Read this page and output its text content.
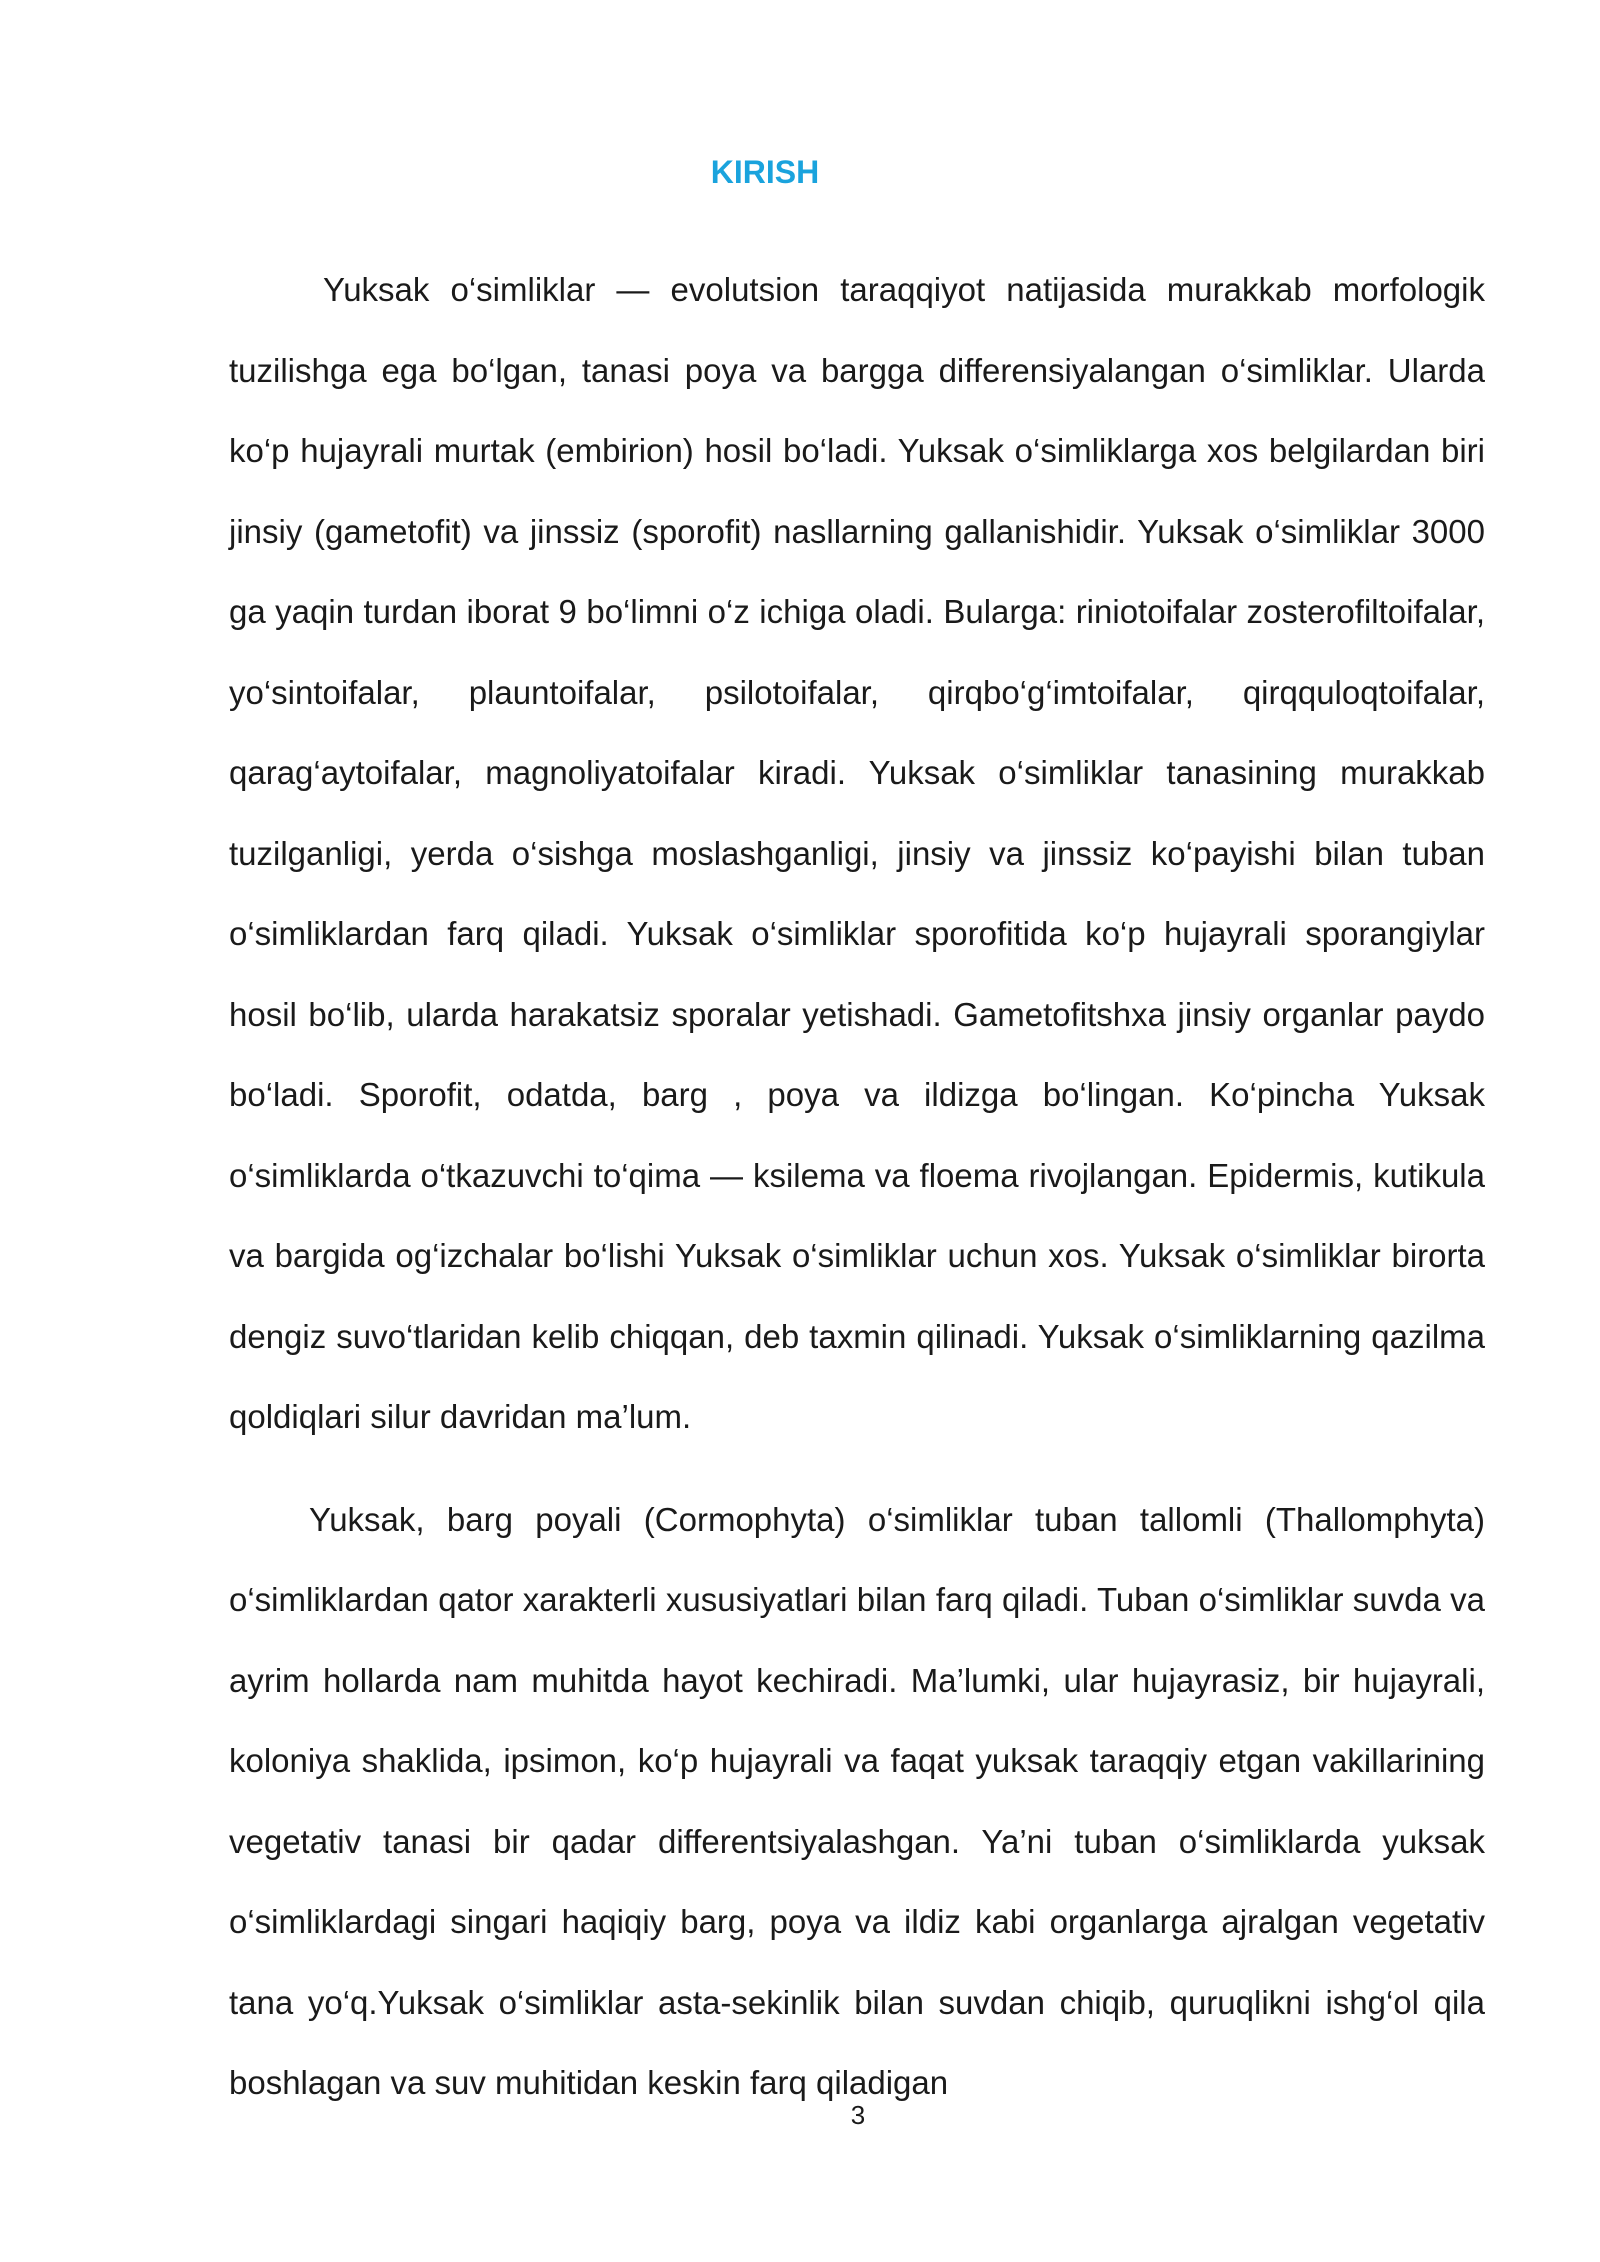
KIRISH

Yuksak o‘simliklar — evolutsion taraqqiyot natijasida murakkab morfologik tuzilishga ega bo‘lgan, tanasi poya va bargga differensiyalangan o‘simliklar. Ularda ko‘p hujayrali murtak (embirion) hosil bo‘ladi. Yuksak o‘simliklarga xos belgilardan biri jinsiy (gametofit) va jinssiz (sporofit) nasllarning gallanishidir. Yuksak o‘simliklar 3000 ga yaqin turdan iborat 9 bo‘limni o‘z ichiga oladi. Bularga: riniotoifalar zosterofiltoifalar, yo‘sintoifalar, plauntoifalar, psilotoifalar, qirqbo‘g‘imtoifalar, qirqquloqtoifalar, qarag‘aytoifalar, magnoliyatoifalar kiradi. Yuksak o‘simliklar tanasining murakkab tuzilganligi, yerda o‘sishga moslashganligi, jinsiy va jinssiz ko‘payishi bilan tuban o‘simliklardan farq qiladi. Yuksak o‘simliklar sporofitida ko‘p hujayrali sporangiylar hosil bo‘lib, ularda harakatsiz sporalar yetishadi. Gametofitshxa jinsiy organlar paydo bo‘ladi. Sporofit, odatda, barg , poya va ildizga bo‘lingan. Ko‘pincha Yuksak o‘simliklarda o‘tkazuvchi to‘qima — ksilema va floema rivojlangan. Epidermis, kutikula va bargida og‘izchalar bo‘lishi Yuksak o‘simliklar uchun xos. Yuksak o‘simliklar birorta dengiz suvo‘tlaridan kelib chiqqan, deb taxmin qilinadi. Yuksak o‘simliklarning qazilma qoldiqlari silur davridan ma’lum.

Yuksak, barg poyali (Cormophyta) o‘simliklar tuban tallomli (Thallomphyta) o‘simliklardan qator xarakterli xususiyatlari bilan farq qiladi. Tuban o‘simliklar suvda va ayrim hollarda nam muhitda hayot kechiradi. Ma’lumki, ular hujayrasiz, bir hujayrali, koloniya shaklida, ipsimon, ko‘p hujayrali va faqat yuksak taraqqiy etgan vakillarining vegetativ tanasi bir qadar differentsiyalashgan. Ya’ni tuban o‘simliklarda yuksak o‘simliklardagi singari haqiqiy barg, poya va ildiz kabi organlarga ajralgan vegetativ tana yo‘q.Yuksak o‘simliklar asta-sekinlik bilan suvdan chiqib, quruqlikni ishg‘ol qila boshlagan va suv muhitidan keskin farq qiladigan

3
